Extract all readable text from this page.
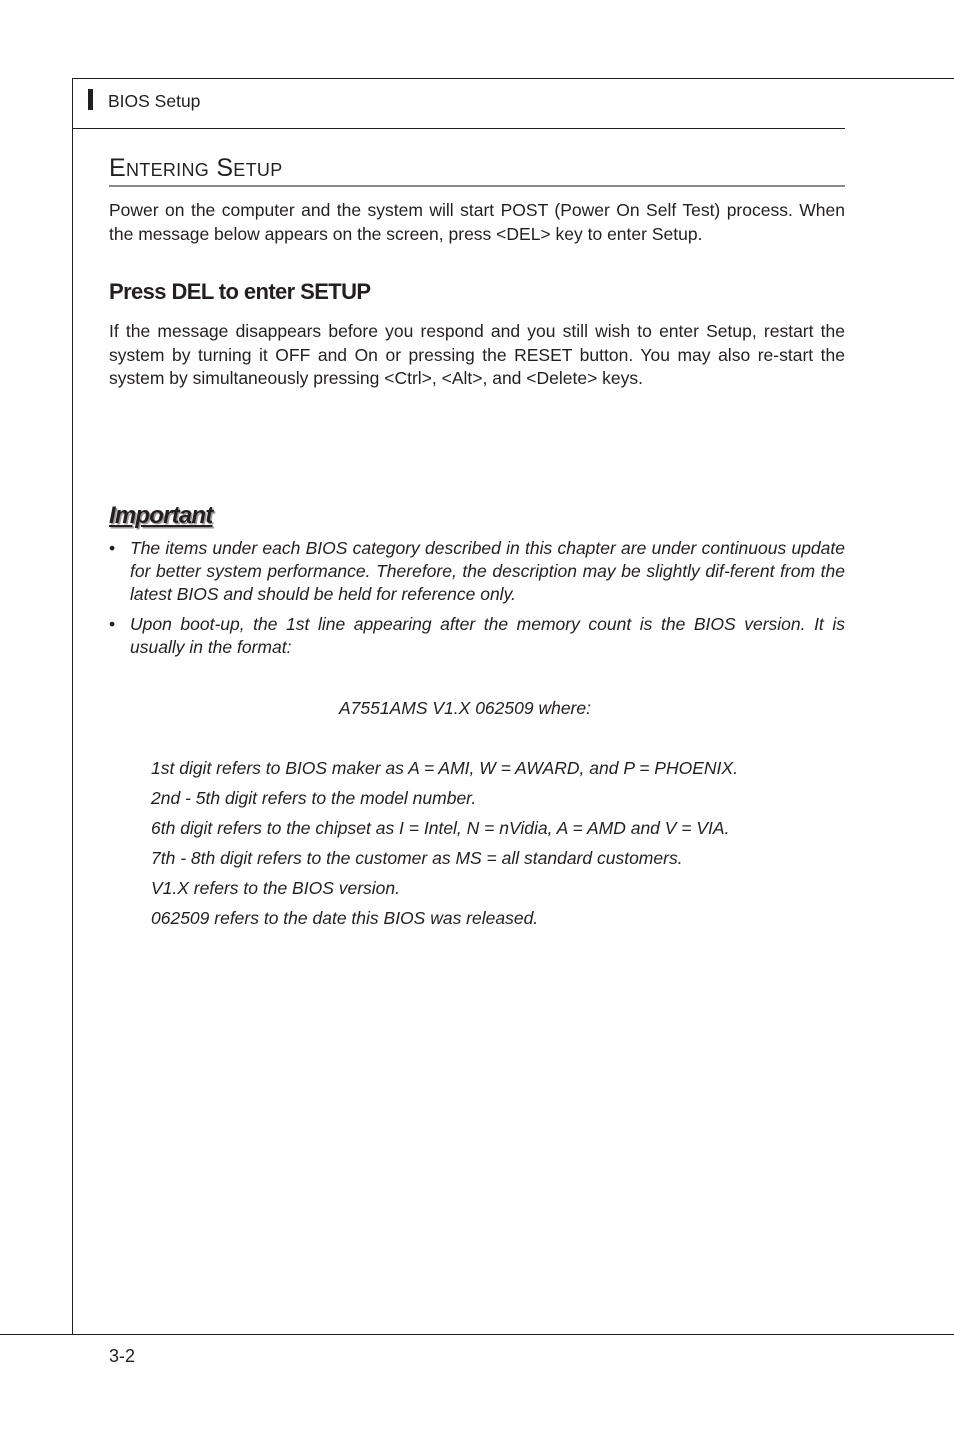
BIOS Setup
Entering Setup

Power on the computer and the system will start POST (Power On Self Test) process. When the message below appears on the screen, press <DEL> key to enter Setup.

Press DEL to enter SETUP

If the message disappears before you respond and you still wish to enter Setup, restart the system by turning it OFF and On or pressing the RESET button. You may also re-start the system by simultaneously pressing <Ctrl>, <Alt>, and <Delete> keys.

Important
• The items under each BIOS category described in this chapter are under continuous update for better system performance. Therefore, the description may be slightly dif-ferent from the latest BIOS and should be held for reference only.
• Upon boot-up, the 1st line appearing after the memory count is the BIOS version. It is usually in the format:

A7551AMS V1.X 062509 where:

1st digit refers to BIOS maker as A = AMI, W = AWARD, and P = PHOENIX.
2nd - 5th digit refers to the model number.
6th digit refers to the chipset as I = Intel, N = nVidia, A = AMD and V = VIA.
7th - 8th digit refers to the customer as MS = all standard customers.
V1.X refers to the BIOS version.
062509 refers to the date this BIOS was released.
3-2
